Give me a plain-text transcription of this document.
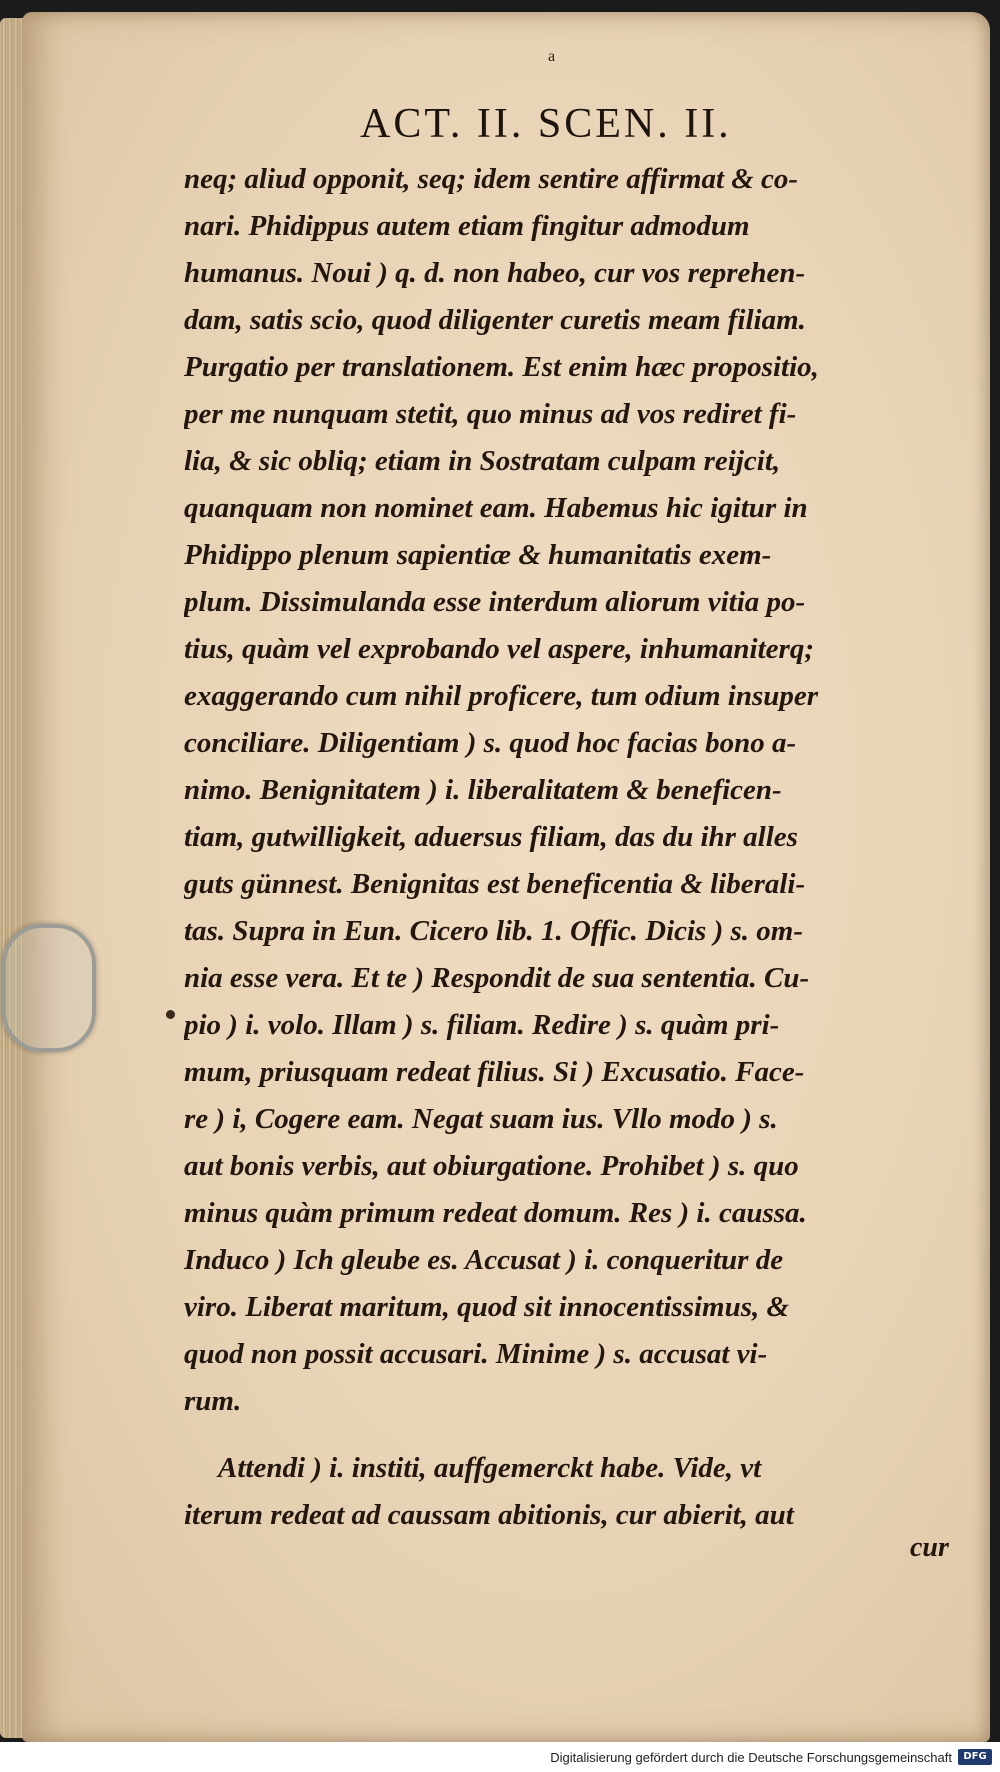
a
ACT. II. SCEN. II.
neq; aliud opponit, seq; idem sentire affirmat & co-
nari. Phidippus autem etiam fingitur admodum
humanus. Noui ) q. d. non habeo, cur vos reprehen-
dam, satis scio, quod diligenter curetis meam filiam.
Purgatio per translationem. Est enim hæc propositio,
per me nunquam stetit, quo minus ad vos rediret fi-
lia, & sic obliq; etiam in Sostratam culpam reijcit,
quanquam non nominet eam. Habemus hic igitur in
Phidippo plenum sapientiæ & humanitatis exem-
plum. Dissimulanda esse interdum aliorum vitia po-
tius, quàm vel exprobando vel aspere, inhumaniterq;
exaggerando cum nihil proficere, tum odium insuper
conciliare. Diligentiam ) s. quod hoc facias bono a-
nimo. Benignitatem ) i. liberalitatem & beneficen-
tiam, gutwilligkeit, aduersus filiam, das du ihr alles
guts günnest. Benignitas est beneficentia & liberali-
tas. Supra in Eun. Cicero lib. 1. Offic. Dicis ) s. om-
nia esse vera. Et te ) Respondit de sua sententia. Cu-
pio ) i. volo. Illam ) s. filiam. Redire ) s. quàm pri-
mum, priusquam redeat filius. Si ) Excusatio. Face-
re ) i, Cogere eam. Negat suam ius. Vllo modo ) s.
aut bonis verbis, aut obiurgatione. Prohibet ) s. quo
minus quàm primum redeat domum. Res ) i. caussa.
Induco ) Ich gleube es. Accusat ) i. conqueritur de
viro. Liberat maritum, quod sit innocentissimus, &
quod non possit accusari. Minime ) s. accusat vi-
rum.
Attendi ) i. institi, auffgemerckt habe. Vide, vt
iterum redeat ad caussam abitionis, cur abierit, aut
cur
Digitalisierung gefördert durch die Deutsche Forschungsgemeinschaft	DFG
